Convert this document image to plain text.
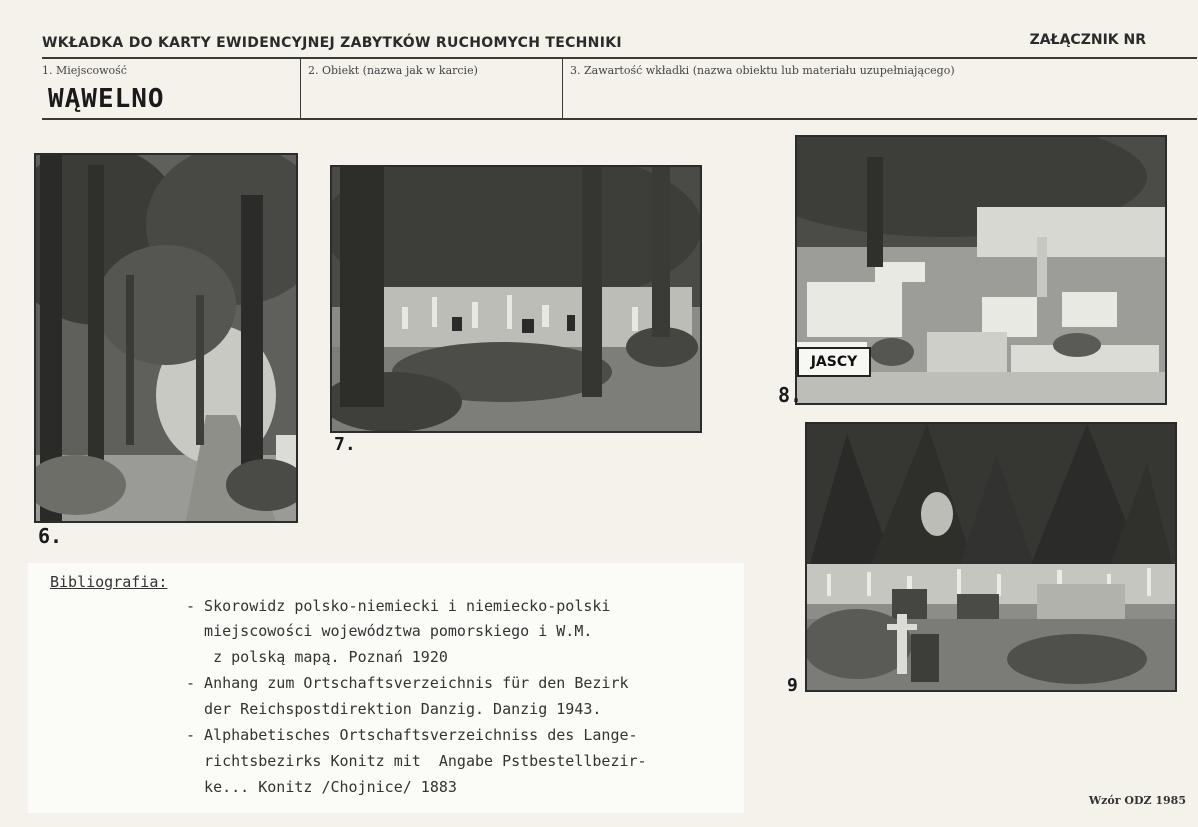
WKŁADKA DO KARTY EWIDENCYJNEJ ZABYTKÓW RUCHOMYCH TECHNIKI	ZAŁĄCZNIK NR
1. Miejscowość	2. Obiekt (nazwa jak w karcie)	3. Zawartość wkładki (nazwa obiektu lub materiału uzupełniającego)
WĄWELNO
6.
7.
JASCY
8.
9
Bibliografia:
- Skorowidz polsko-niemiecki i niemiecko-polski
miejscowości województwa pomorskiego i W.M.
z polską mapą. Poznań 1920
- Anhang zum Ortschaftsverzeichnis für den Bezirk
der Reichspostdirektion Danzig. Danzig 1943.
- Alphabetisches Ortschaftsverzeichniss des Lange-
richtsbezirks Konitz mit  Angabe Pstbestellbezir-
ke... Konitz /Chojnice/ 1883
Wzór ODZ 1985
